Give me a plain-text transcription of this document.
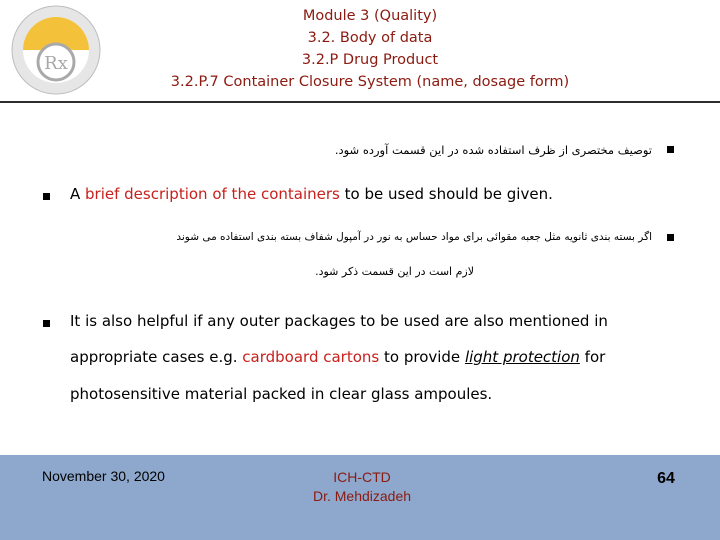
Rx
Module 3 (Quality)
3.2. Body of data
3.2.P Drug Product
3.2.P.7 Container Closure System (name, dosage form)
توصیف مختصری از ظرف استفاده شده در این قسمت آورده شود.
A brief description of the containers to be used should be given.
اگر بسته بندی ثانویه مثل جعبه مقوائی برای مواد حساس به نور در آمپول شفاف بسته بندی استفاده می شوند
لازم است در این قسمت ذکر شود.
It is also helpful if any outer packages to be used are also mentioned in
appropriate cases e.g. cardboard cartons to provide light protection for
photosensitive material packed in clear glass ampoules.
November 30, 2020	ICH-CTD
Dr. Mehdizadeh
64
